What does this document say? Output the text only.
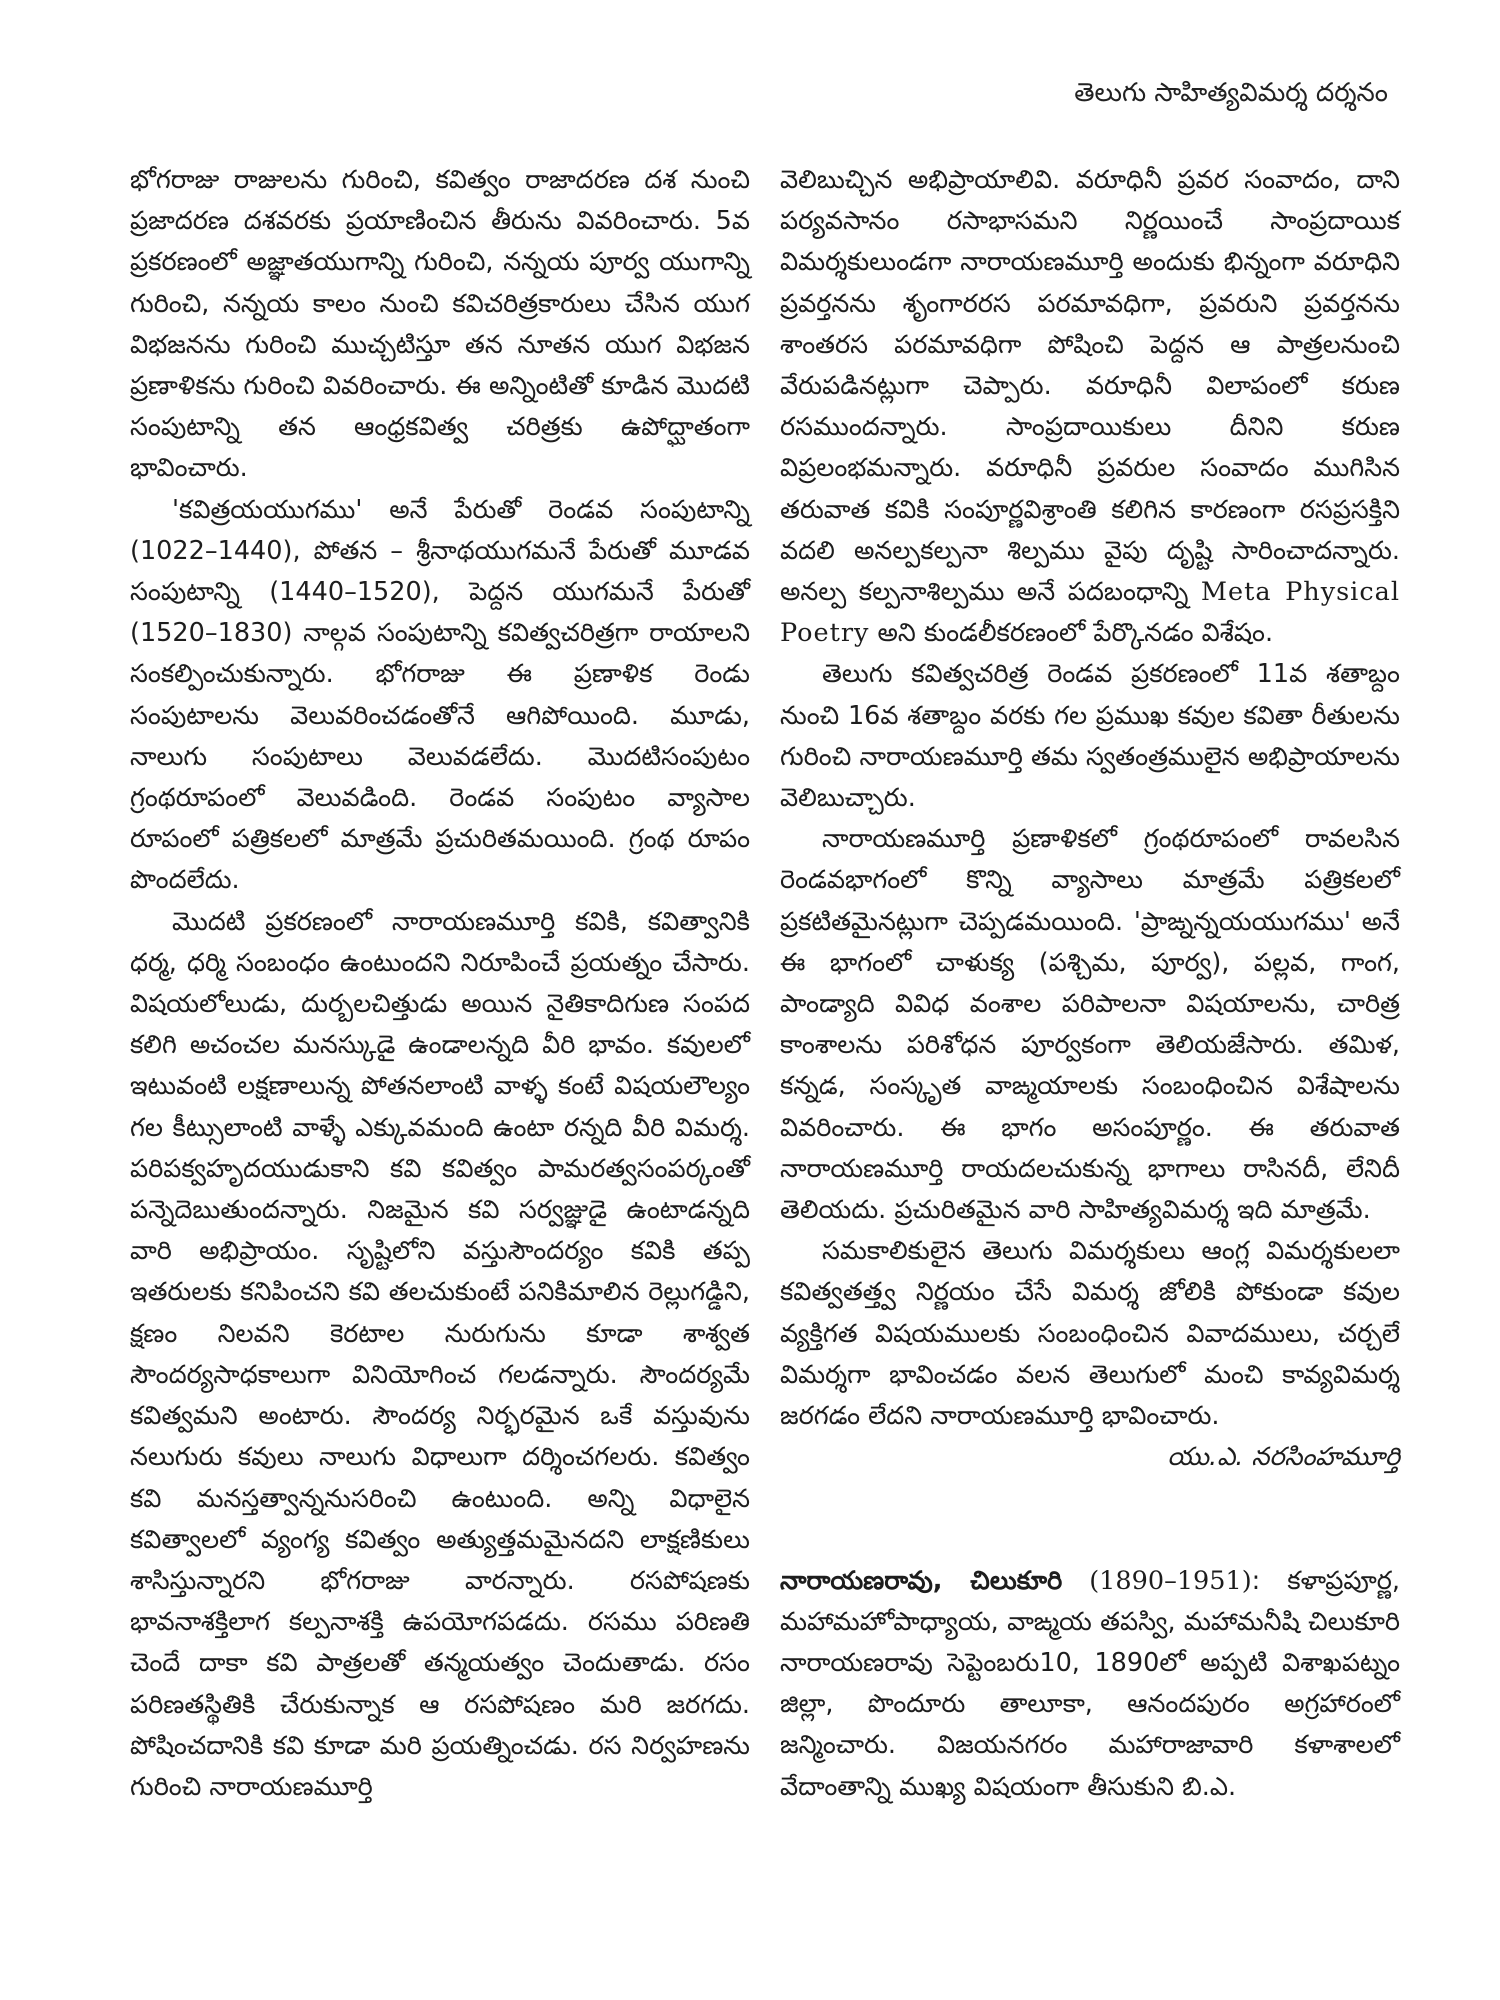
తెలుగు సాహిత్యవిమర్శ దర్శనం

భోగరాజు రాజులను గురించి, కవిత్వం రాజాదరణ దశ నుంచి ప్రజాదరణ దశవరకు ప్రయాణించిన తీరును వివరించారు. 5వ ప్రకరణంలో అజ్ఞాతయుగాన్ని గురించి, నన్నయ పూర్వ యుగాన్ని గురించి, నన్నయ కాలం నుంచి కవిచరిత్రకారులు చేసిన యుగ విభజనను గురించి ముచ్చటిస్తూ తన నూతన యుగ విభజన ప్రణాళికను గురించి వివరించారు. ఈ అన్నింటితో కూడిన మొదటి సంపుటాన్ని తన ఆంధ్రకవిత్వ చరిత్రకు ఉపోద్ఘాతంగా భావించారు.

'కవిత్రయయుగము' అనే పేరుతో రెండవ సంపుటాన్ని (1022–1440), పోతన – శ్రీనాథయుగమనే పేరుతో మూడవ సంపుటాన్ని (1440–1520), పెద్దన యుగమనే పేరుతో (1520–1830) నాల్గవ సంపుటాన్ని కవిత్వచరిత్రగా రాయాలని సంకల్పించుకున్నారు. భోగరాజు ఈ ప్రణాళిక రెండు సంపుటాలను వెలువరించడంతోనే ఆగిపోయింది. మూడు, నాలుగు సంపుటాలు వెలువడలేదు. మొదటిసంపుటం గ్రంథరూపంలో వెలువడింది. రెండవ సంపుటం వ్యాసాల రూపంలో పత్రికలలో మాత్రమే ప్రచురితమయింది. గ్రంథ రూపం పొందలేదు.

మొదటి ప్రకరణంలో నారాయణమూర్తి కవికి, కవిత్వానికి ధర్మ, ధర్మి సంబంధం ఉంటుందని నిరూపించే ప్రయత్నం చేసారు. విషయలోలుడు, దుర్బలచిత్తుడు అయిన నైతికాదిగుణ సంపద కలిగి అచంచల మనస్కుడై ఉండాలన్నది వీరి భావం. కవులలో ఇటువంటి లక్షణాలున్న పోతనలాంటి వాళ్ళ కంటే విషయలౌల్యం గల కీట్సులాంటి వాళ్ళే ఎక్కువమంది ఉంటా రన్నది వీరి విమర్శ. పరిపక్వహృదయుడుకాని కవి కవిత్వం పామరత్వసంపర్కంతో పన్నెదెబుతుందన్నారు. నిజమైన కవి సర్వజ్ఞుడై ఉంటాడన్నది వారి అభిప్రాయం. సృష్టిలోని వస్తుసౌందర్యం కవికి తప్ప ఇతరులకు కనిపించని కవి తలచుకుంటే పనికిమాలిన రెల్లుగడ్డిని, క్షణం నిలవని కెరటాల నురుగును కూడా శాశ్వత సౌందర్యసాధకాలుగా వినియోగించ గలడన్నారు. సౌందర్యమే కవిత్వమని అంటారు. సౌందర్య నిర్భరమైన ఒకే వస్తువును నలుగురు కవులు నాలుగు విధాలుగా దర్శించగలరు. కవిత్వం కవి మనస్తత్వాన్ననుసరించి ఉంటుంది. అన్ని విధాలైన కవిత్వాలలో వ్యంగ్య కవిత్వం అత్యుత్తమమైనదని లాక్షణికులు శాసిస్తున్నారని భోగరాజు వారన్నారు. రసపోషణకు భావనాశక్తిలాగ కల్పనాశక్తి ఉపయోగపడదు. రసము పరిణతి చెందే దాకా కవి పాత్రలతో తన్మయత్వం చెందుతాడు. రసం పరిణతస్థితికి చేరుకున్నాక ఆ రసపోషణం మరి జరగదు. పోషించదానికి కవి కూడా మరి ప్రయత్నించడు. రస నిర్వహణను గురించి నారాయణమూర్తి

వెలిబుచ్చిన అభిప్రాయాలివి. వరూధినీ ప్రవర సంవాదం, దాని పర్యవసానం రసాభాసమని నిర్ణయించే సాంప్రదాయిక విమర్శకులుండగా నారాయణమూర్తి అందుకు భిన్నంగా వరూధిని ప్రవర్తనను శృంగారరస పరమావధిగా, ప్రవరుని ప్రవర్తనను శాంతరస పరమావధిగా పోషించి పెద్దన ఆ పాత్రలనుంచి వేరుపడినట్లుగా చెప్పారు. వరూధినీ విలాపంలో కరుణ రసముందన్నారు. సాంప్రదాయికులు దీనిని కరుణ విప్రలంభమన్నారు. వరూధినీ ప్రవరుల సంవాదం ముగిసిన తరువాత కవికి సంపూర్ణవిశ్రాంతి కలిగిన కారణంగా రసప్రసక్తిని వదలి అనల్పకల్పనా శిల్పము వైపు దృష్టి సారించాదన్నారు. అనల్ప కల్పనాశిల్పము అనే పదబంధాన్ని Meta Physical Poetry అని కుండలీకరణంలో పేర్కొనడం విశేషం.

తెలుగు కవిత్వచరిత్ర రెండవ ప్రకరణంలో 11వ శతాబ్దం నుంచి 16వ శతాబ్దం వరకు గల ప్రముఖ కవుల కవితా రీతులను గురించి నారాయణమూర్తి తమ స్వతంత్రములైన అభిప్రాయాలను వెలిబుచ్చారు.

నారాయణమూర్తి ప్రణాళికలో గ్రంథరూపంలో రావలసిన రెండవభాగంలో కొన్ని వ్యాసాలు మాత్రమే పత్రికలలో ప్రకటితమైనట్లుగా చెప్పడమయింది. 'ప్రాఙ్నన్నయయుగము' అనే ఈ భాగంలో చాళుక్య (పశ్చిమ, పూర్వ), పల్లవ, గాంగ, పాండ్యాది వివిధ వంశాల పరిపాలనా విషయాలను, చారిత్ర కాంశాలను పరిశోధన పూర్వకంగా తెలియజేసారు. తమిళ, కన్నడ, సంస్కృత వాఙ్మయాలకు సంబంధించిన విశేషాలను వివరించారు. ఈ భాగం అసంపూర్ణం. ఈ తరువాత నారాయణమూర్తి రాయదలచుకున్న భాగాలు రాసినదీ, లేనిదీ తెలియదు. ప్రచురితమైన వారి సాహిత్యవిమర్శ ఇది మాత్రమే.

సమకాలికులైన తెలుగు విమర్శకులు ఆంగ్ల విమర్శకులలా కవిత్వతత్త్వ నిర్ణయం చేసే విమర్శ జోలికి పోకుండా కవుల వ్యక్తిగత విషయములకు సంబంధించిన వివాదములు, చర్చలే విమర్శగా భావించడం వలన తెలుగులో మంచి కావ్యవిమర్శ జరగడం లేదని నారాయణమూర్తి భావించారు.

యు.ఎ. నరసింహమూర్తి

నారాయణరావు, చిలుకూరి (1890–1951): కళాప్రపూర్ణ, మహామహోపాధ్యాయ, వాఙ్మయ తపస్వి, మహామనీషి చిలుకూరి నారాయణరావు సెప్టెంబరు10, 1890లో అప్పటి విశాఖపట్నం జిల్లా, పొందూరు తాలూకా, ఆనందపురం అగ్రహారంలో జన్మించారు. విజయనగరం మహారాజావారి కళాశాలలో వేదాంతాన్ని ముఖ్య విషయంగా తీసుకుని బి.ఎ.
